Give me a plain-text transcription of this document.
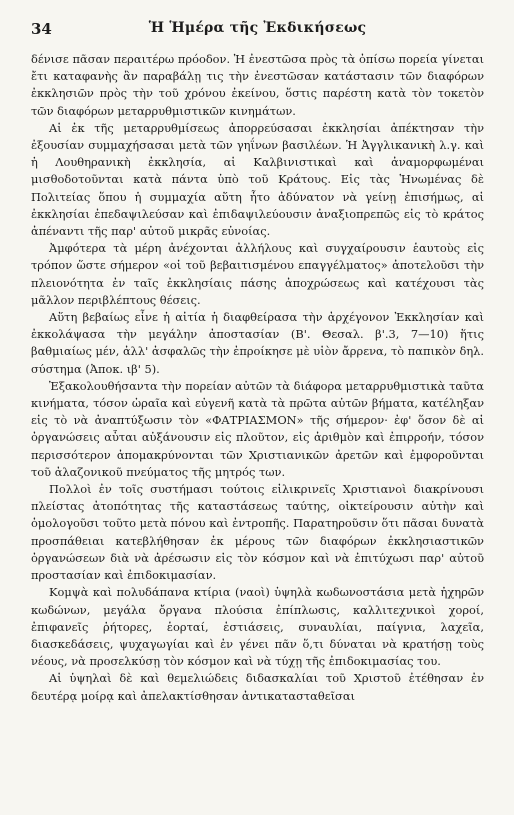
34	Ἡ Ἡμέρα τῆς Ἐκδικήσεως

δένισε πᾶσαν περαιτέρω πρόοδον. Ἡ ἐνεστῶσα πρὸς τὰ ὀπίσω πορεία γίνεται ἔτι καταφανὴς ἂν παραβάλῃ τις τὴν ἐνεστῶσαν κατάστασιν τῶν διαφόρων ἐκκλησιῶν πρὸς τὴν τοῦ χρόνου ἐκείνου, ὅστις παρέστη κατὰ τὸν τοκετὸν τῶν διαφόρων μεταρρυθμιστικῶν κινημάτων.

Αἱ ἐκ τῆς μεταρρυθμίσεως ἀπορρεύσασαι ἐκκλησίαι ἀπέκτησαν τὴν ἐξουσίαν συμμαχήσασαι μετὰ τῶν γηΐνων βασιλέων. Ἡ Ἀγγλικανικὴ λ.γ. καὶ ἡ Λουθηρανικὴ ἐκκλησία, αἱ Καλβινιστικαὶ καὶ ἀναμορφωμέναι μισθοδοτοῦνται κατὰ πάντα ὑπὸ τοῦ Κράτους. Εἰς τὰς Ἡνωμένας δὲ Πολιτείας ὅπου ἡ συμμαχία αὕτη ἦτο ἀδύνατον νὰ γείνῃ ἐπισήμως, αἱ ἐκκλησίαι ἐπεδαψιλεύσαν καὶ ἐπιδαψιλεύουσιν ἀναξιοπρεπῶς εἰς τὸ κράτος ἀπέναντι τῆς παρ' αὐτοῦ μικρᾶς εὐνοίας.

Ἀμφότερα τὰ μέρη ἀνέχονται ἀλλήλους καὶ συγχαίρουσιν ἑαυτοὺς εἰς τρόπον ὥστε σήμερον «οἱ τοῦ βεβαιτισμένου επαγγέλματος» ἀποτελοῦσι τὴν πλειονότητα ἐν ταῖς ἐκκλησίαις πάσης ἀποχρώσεως καὶ κατέχουσι τὰς μᾶλλον περιβλέπτους θέσεις.

Αὕτη βεβαίως εἶνε ἡ αἰτία ἡ διαφθείρασα τὴν ἀρχέγονον Ἐκκλησίαν καὶ ἐκκολάψασα τὴν μεγάλην ἀποστασίαν (Β'. Θεσαλ. β'.3, 7—10) ἥτις βαθμιαίως μέν, ἀλλ' ἀσφαλῶς τὴν ἐπροίκησε μὲ υἱὸν ἄρρενα, τὸ παπικὸν δηλ. σύστημα (Ἀποκ. ιβ' 5).

Ἐξακολουθήσαντα τὴν πορείαν αὐτῶν τὰ διάφορα μεταρρυθμιστικὰ ταῦτα κινήματα, τόσον ὡραῖα καὶ εὐγενῆ κατὰ τὰ πρῶτα αὐτῶν βήματα, κατέληξαν εἰς τὸ νὰ ἀναπτύξωσιν τὸν «ΦΑΤΡΙΑΣΜΟΝ» τῆς σήμερον· ἐφ' ὅσον δὲ αἱ ὀργανώσεις αὗται αὐξάνουσιν εἰς πλοῦτον, εἰς ἀριθμὸν καὶ ἐπιρροήν, τόσον περισσότερον ἀπομακρύνονται τῶν Χριστιανικῶν ἀρετῶν καὶ ἐμφοροῦνται τοῦ ἀλαζονικοῦ πνεύματος τῆς μητρός των.

Πολλοὶ ἐν τοῖς συστήμασι τούτοις εἰλικρινεῖς Χριστιανοὶ διακρίνουσι πλείστας ἀτοπότητας τῆς καταστάσεως ταύτης, οἰκτείρουσιν αὐτὴν καὶ ὁμολογοῦσι τοῦτο μετὰ πόνου καὶ ἐντροπῆς. Παρατηροῦσιν ὅτι πᾶσαι δυνατὰ προσπάθειαι κατεβλήθησαν ἐκ μέρους τῶν διαφόρων ἐκκλησιαστικῶν ὀργανώσεων διὰ νὰ ἀρέσωσιν εἰς τὸν κόσμον καὶ νὰ ἐπιτύχωσι παρ' αὐτοῦ προστασίαν καὶ ἐπιδοκιμασίαν.

Κομψὰ καὶ πολυδάπανα κτίρια (ναοὶ) ὑψηλὰ κωδωνοστάσια μετὰ ἠχηρῶν κωδώνων, μεγάλα ὄργανα πλούσια ἐπίπλωσις, καλλιτεχνικοὶ χοροί, ἐπιφανεῖς ῥήτορες, ἑορταί, ἑστιάσεις, συναυλίαι, παίγνια, λαχεῖα, διασκεδάσεις, ψυχαγωγίαι καὶ ἐν γένει πᾶν ὅ,τι δύναται νὰ κρατήσῃ τοὺς νέους, νὰ προσελκύσῃ τὸν κόσμον καὶ νὰ τύχῃ τῆς ἐπιδοκιμασίας του.

Αἱ ὑψηλαὶ δὲ καὶ θεμελιώδεις διδασκαλίαι τοῦ Χριστοῦ ἐτέθησαν ἐν δευτέρᾳ μοίρᾳ καὶ ἀπελακτίσθησαν ἀντικατασταθεῖσαι
